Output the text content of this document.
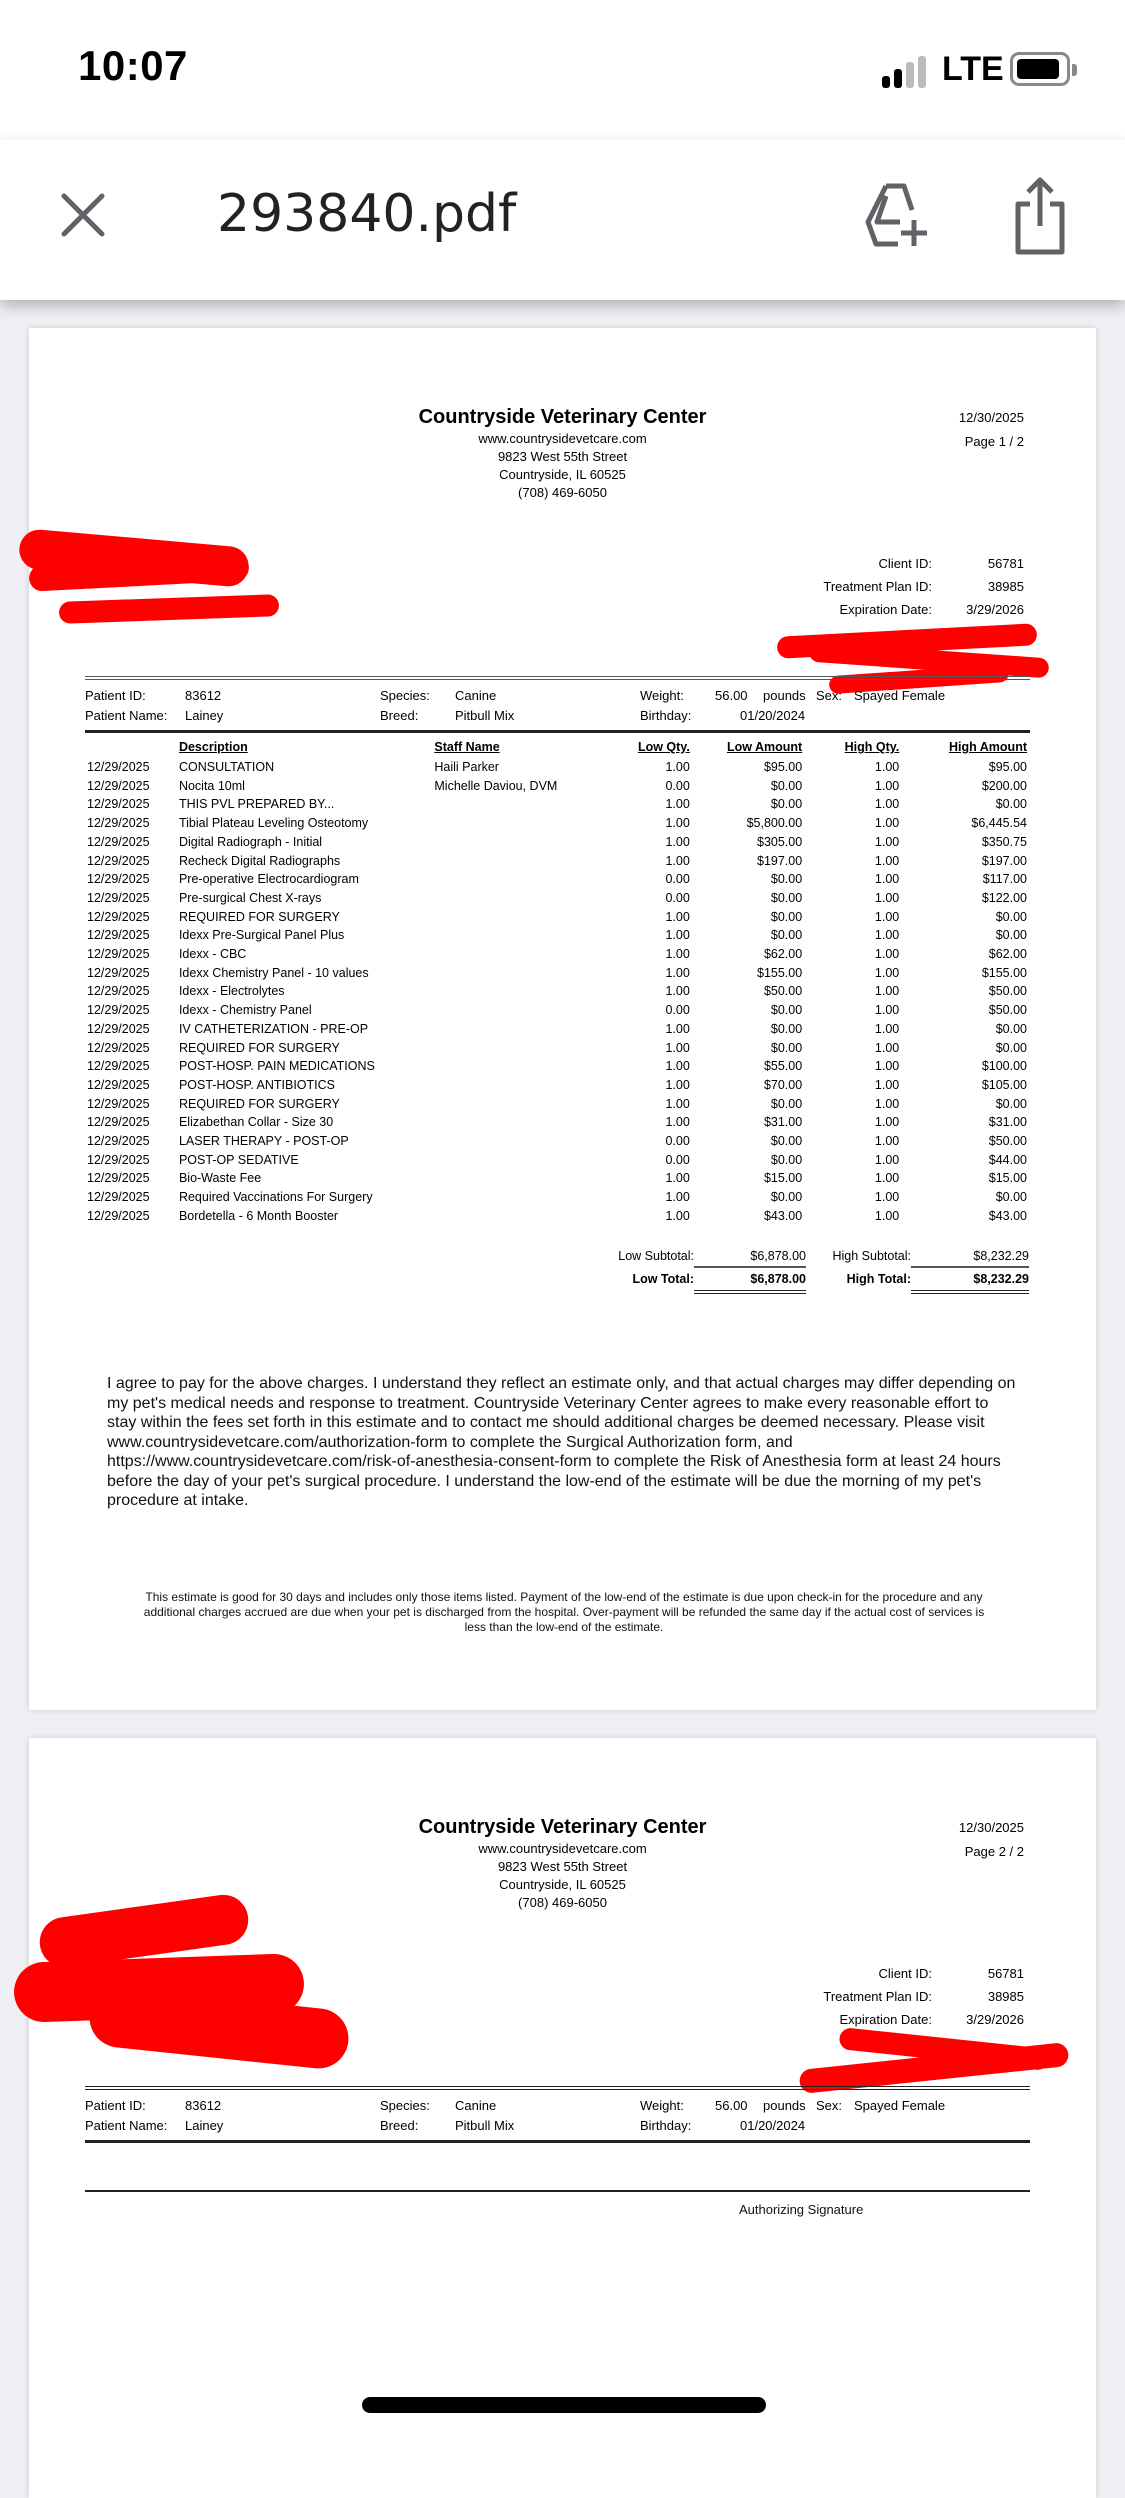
10:07	LTE
293840.pdf
Countryside Veterinary Center
www.countrysidevetcare.com
9823 West 55th Street
Countryside, IL 60525
(708) 469-6050
12/30/2025
Page 1 / 2
Client ID:	56781
Treatment Plan ID:	38985
Expiration Date:	3/29/2026
Patient ID:	83612	Species:	Canine	Weight:	56.00	pounds Sex: Spayed Female
Patient Name:	Lainey	Breed:	Pitbull Mix	Birthday:	01/20/2024
	Description	Staff Name	Low Qty.	Low Amount	High Qty.	High Amount
12/29/2025	CONSULTATION	Haili Parker	1.00	$95.00	1.00	$95.00
12/29/2025	Nocita 10ml	Michelle Daviou, DVM	0.00	$0.00	1.00	$200.00
12/29/2025	THIS PVL PREPARED BY...		1.00	$0.00	1.00	$0.00
12/29/2025	Tibial Plateau Leveling Osteotomy		1.00	$5,800.00	1.00	$6,445.54
12/29/2025	Digital Radiograph - Initial		1.00	$305.00	1.00	$350.75
12/29/2025	Recheck Digital Radiographs		1.00	$197.00	1.00	$197.00
12/29/2025	Pre-operative Electrocardiogram		0.00	$0.00	1.00	$117.00
12/29/2025	Pre-surgical Chest X-rays		0.00	$0.00	1.00	$122.00
12/29/2025	REQUIRED FOR SURGERY		1.00	$0.00	1.00	$0.00
12/29/2025	Idexx Pre-Surgical Panel Plus		1.00	$0.00	1.00	$0.00
12/29/2025	Idexx - CBC		1.00	$62.00	1.00	$62.00
12/29/2025	Idexx Chemistry Panel - 10 values		1.00	$155.00	1.00	$155.00
12/29/2025	Idexx - Electrolytes		1.00	$50.00	1.00	$50.00
12/29/2025	Idexx - Chemistry Panel		0.00	$0.00	1.00	$50.00
12/29/2025	IV CATHETERIZATION - PRE-OP		1.00	$0.00	1.00	$0.00
12/29/2025	REQUIRED FOR SURGERY		1.00	$0.00	1.00	$0.00
12/29/2025	POST-HOSP. PAIN MEDICATIONS		1.00	$55.00	1.00	$100.00
12/29/2025	POST-HOSP. ANTIBIOTICS		1.00	$70.00	1.00	$105.00
12/29/2025	REQUIRED FOR SURGERY		1.00	$0.00	1.00	$0.00
12/29/2025	Elizabethan Collar - Size 30		1.00	$31.00	1.00	$31.00
12/29/2025	LASER THERAPY - POST-OP		0.00	$0.00	1.00	$50.00
12/29/2025	POST-OP SEDATIVE		0.00	$0.00	1.00	$44.00
12/29/2025	Bio-Waste Fee		1.00	$15.00	1.00	$15.00
12/29/2025	Required Vaccinations For Surgery		1.00	$0.00	1.00	$0.00
12/29/2025	Bordetella - 6 Month Booster		1.00	$43.00	1.00	$43.00
Low Subtotal:	$6,878.00	High Subtotal:	$8,232.29
Low Total:	$6,878.00	High Total:	$8,232.29
I agree to pay for the above charges. I understand they reflect an estimate only, and that actual charges may differ depending on my pet's medical needs and response to treatment. Countryside Veterinary Center agrees to make every reasonable effort to stay within the fees set forth in this estimate and to contact me should additional charges be deemed necessary. Please visit www.countrysidevetcare.com/authorization-form to complete the Surgical Authorization form, and https://www.countrysidevetcare.com/risk-of-anesthesia-consent-form to complete the Risk of Anesthesia form at least 24 hours before the day of your pet's surgical procedure. I understand the low-end of the estimate will be due the morning of my pet's procedure at intake.
This estimate is good for 30 days and includes only those items listed. Payment of the low-end of the estimate is due upon check-in for the procedure and any additional charges accrued are due when your pet is discharged from the hospital. Over-payment will be refunded the same day if the actual cost of services is less than the low-end of the estimate.
Countryside Veterinary Center
www.countrysidevetcare.com
9823 West 55th Street
Countryside, IL 60525
(708) 469-6050
12/30/2025
Page 2 / 2
Client ID:	56781
Treatment Plan ID:	38985
Expiration Date:	3/29/2026
Patient ID:	83612	Species:	Canine	Weight:	56.00	pounds Sex: Spayed Female
Patient Name:	Lainey	Breed:	Pitbull Mix	Birthday:	01/20/2024
Authorizing Signature
